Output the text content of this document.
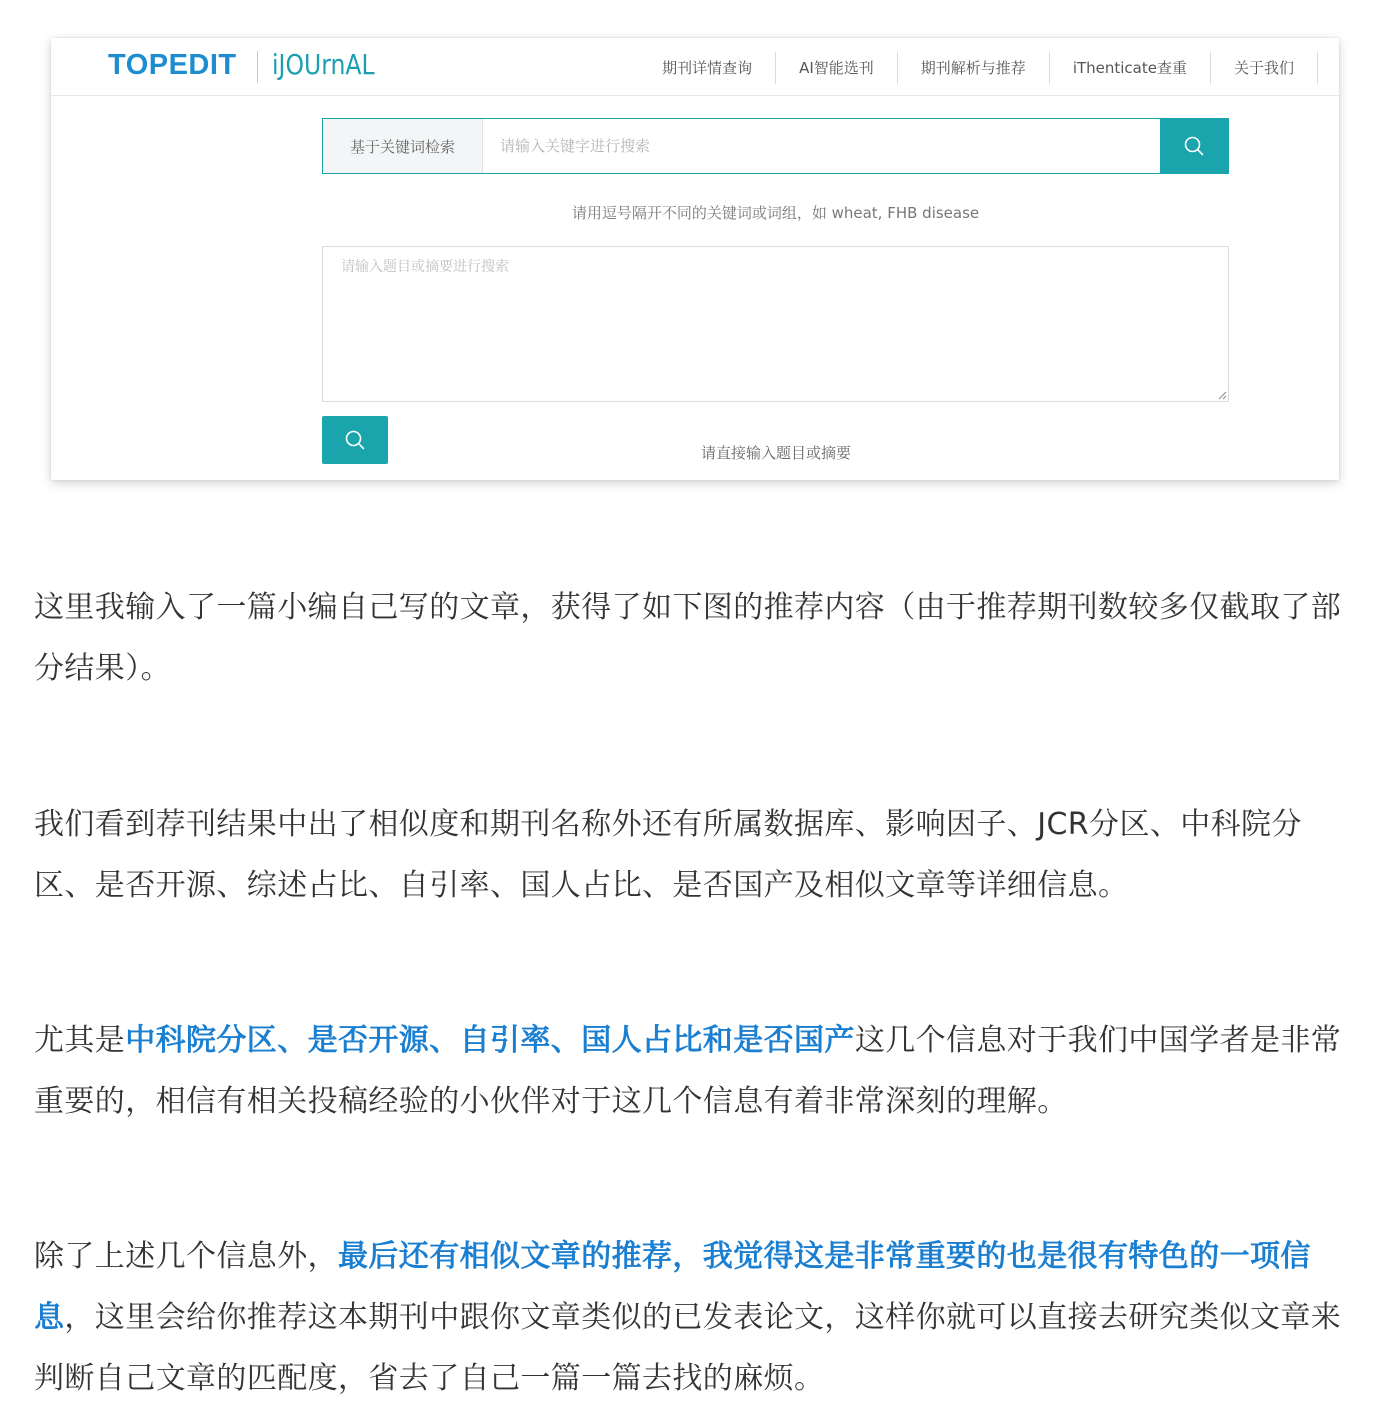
TOPEDIT iJOUrnAL	期刊详情查询	AI智能选刊	期刊解析与推荐	iThenticate查重	关于我们
基于关键词检索
请输入关键字进行搜索
请用逗号隔开不同的关键词或词组，如 wheat, FHB disease
请输入题目或摘要进行搜索
请直接输入题目或摘要

这里我输入了一篇小编自己写的文章，获得了如下图的推荐内容（由于推荐期刊数较多仅截取了部分结果）。

我们看到荐刊结果中出了相似度和期刊名称外还有所属数据库、影响因子、JCR分区、中科院分区、是否开源、综述占比、自引率、国人占比、是否国产及相似文章等详细信息。

尤其是中科院分区、是否开源、自引率、国人占比和是否国产这几个信息对于我们中国学者是非常重要的，相信有相关投稿经验的小伙伴对于这几个信息有着非常深刻的理解。

除了上述几个信息外，最后还有相似文章的推荐，我觉得这是非常重要的也是很有特色的一项信息，这里会给你推荐这本期刊中跟你文章类似的已发表论文，这样你就可以直接去研究类似文章来判断自己文章的匹配度，省去了自己一篇一篇去找的麻烦。
